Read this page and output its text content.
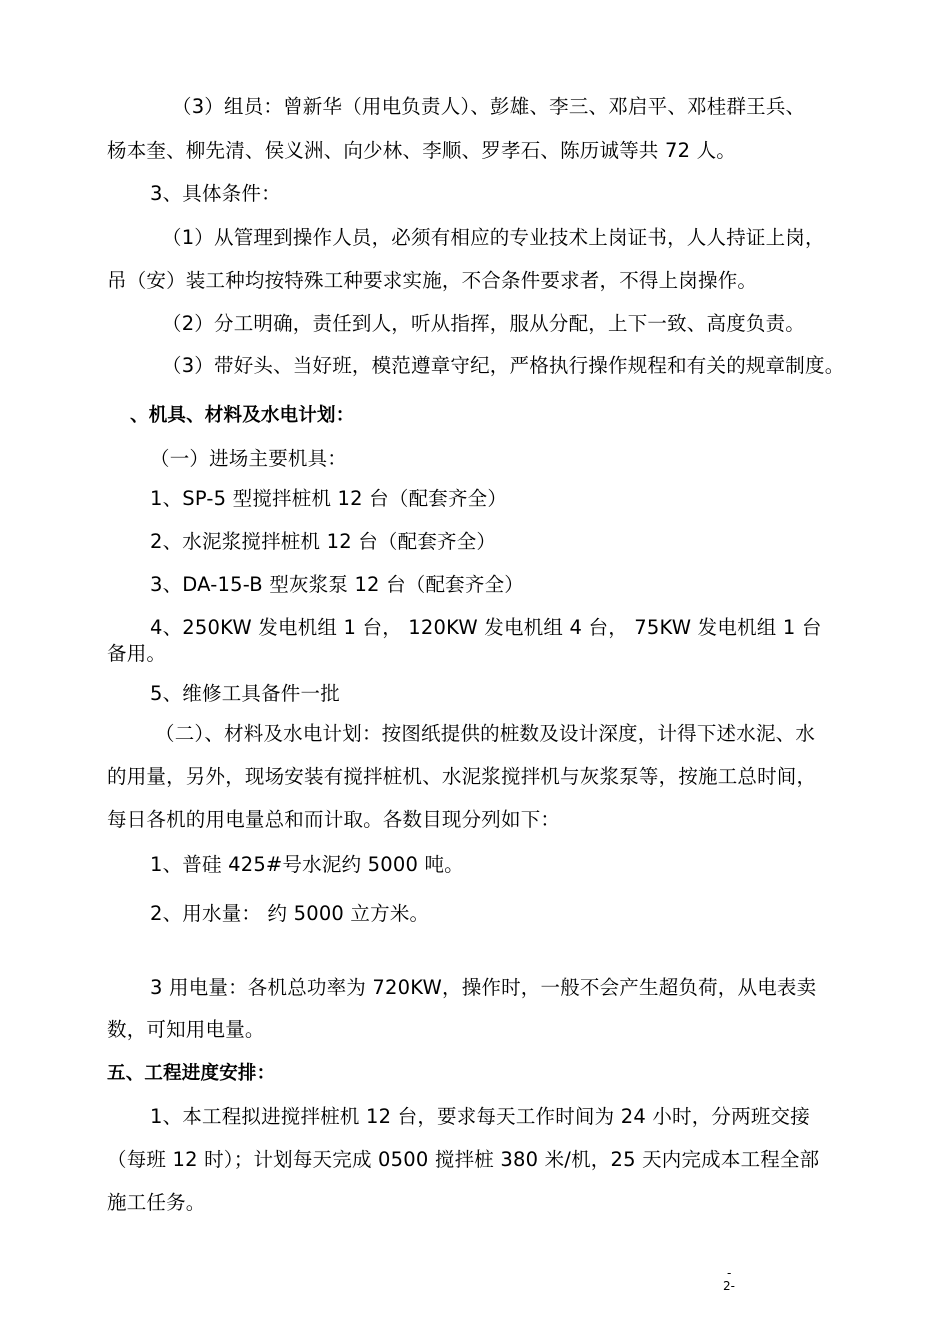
（3）组员：曾新华（用电负责人）、彭雄、李三、邓启平、邓桂群王兵、
杨本奎、柳先清、侯义洲、向少林、李顺、罗孝石、陈历诚等共 72 人。
3、具体条件：
（1）从管理到操作人员，必须有相应的专业技术上岗证书，人人持证上岗，
吊（安）装工种均按特殊工种要求实施，不合条件要求者，不得上岗操作。
（2）分工明确，责任到人，听从指挥，服从分配，上下一致、高度负责。
（3）带好头、当好班，模范遵章守纪，严格执行操作规程和有关的规章制度。
、机具、材料及水电计划：
（一）进场主要机具：
1、SP-5 型搅拌桩机 12 台（配套齐全）
2、水泥浆搅拌桩机 12 台（配套齐全）
3、DA-15-B 型灰浆泵 12 台（配套齐全）
4、250KW 发电机组 1 台， 120KW 发电机组 4 台， 75KW 发电机组 1 台
备用。
5、维修工具备件一批
（二）、材料及水电计划：按图纸提供的桩数及设计深度，计得下述水泥、水
的用量，另外，现场安装有搅拌桩机、水泥浆搅拌机与灰浆泵等，按施工总时间，
每日各机的用电量总和而计取。各数目现分列如下：
1、普硅 425#号水泥约 5000 吨。
2、用水量： 约 5000 立方米。
3 用电量：各机总功率为 720KW，操作时，一般不会产生超负荷，从电表卖
数，可知用电量。
五、工程进度安排：
1、本工程拟进搅拌桩机 12 台，要求每天工作时间为 24 小时，分两班交接
（每班 12 时）；计划每天完成 0500 搅拌桩 380 米/机，25 天内完成本工程全部
施工任务。
-
2-
